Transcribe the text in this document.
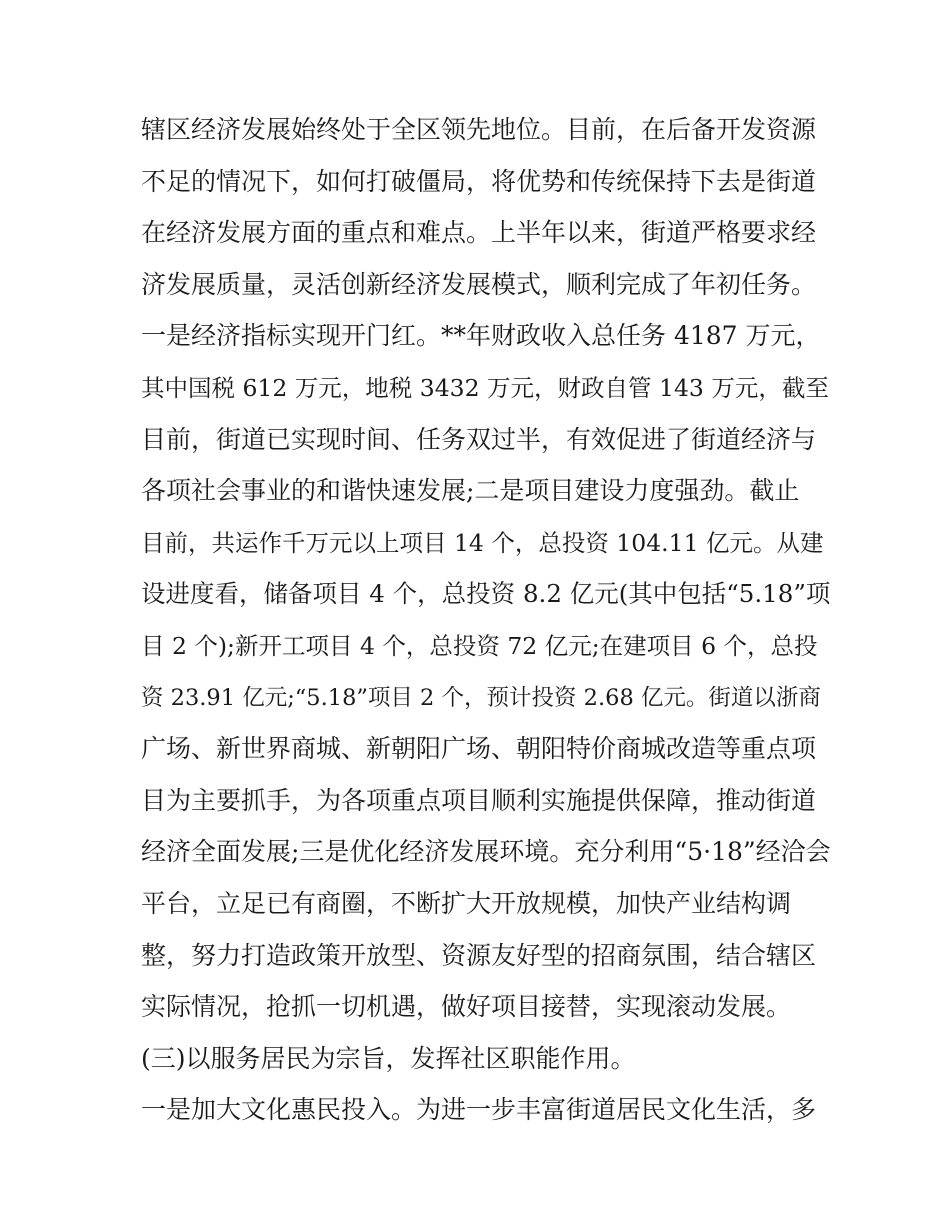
辖区经济发展始终处于全区领先地位。目前，在后备开发资源
不足的情况下，如何打破僵局，将优势和传统保持下去是街道
在经济发展方面的重点和难点。上半年以来，街道严格要求经
济发展质量，灵活创新经济发展模式，顺利完成了年初任务。
一是经济指标实现开门红。**年财政收入总任务 4187 万元，
其中国税 612 万元，地税 3432 万元，财政自管 143 万元，截至
目前，街道已实现时间、任务双过半，有效促进了街道经济与
各项社会事业的和谐快速发展;二是项目建设力度强劲。截止
目前，共运作千万元以上项目 14 个，总投资 104.11 亿元。从建
设进度看，储备项目 4 个，总投资 8.2 亿元(其中包括“5.18”项
目 2 个);新开工项目 4 个，总投资 72 亿元;在建项目 6 个，总投
资 23.91 亿元;“5.18”项目 2 个，预计投资 2.68 亿元。街道以浙商
广场、新世界商城、新朝阳广场、朝阳特价商城改造等重点项
目为主要抓手，为各项重点项目顺利实施提供保障，推动街道
经济全面发展;三是优化经济发展环境。充分利用“5·18”经洽会
平台，立足已有商圈，不断扩大开放规模，加快产业结构调
整，努力打造政策开放型、资源友好型的招商氛围，结合辖区
实际情况，抢抓一切机遇，做好项目接替，实现滚动发展。
(三)以服务居民为宗旨，发挥社区职能作用。
一是加大文化惠民投入。为进一步丰富街道居民文化生活，多
